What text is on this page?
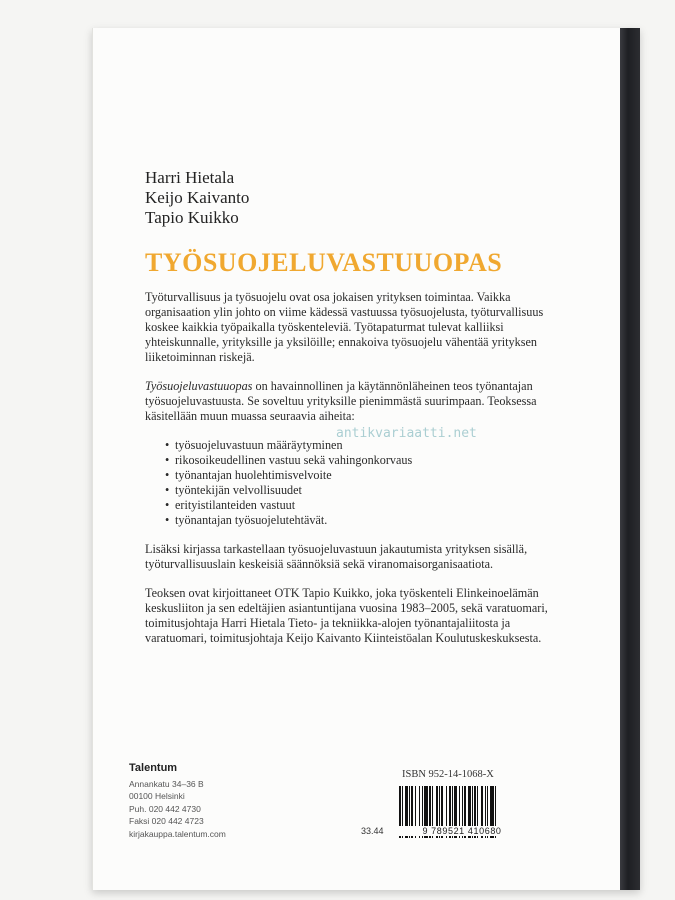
Harri Hietala
Keijo Kaivanto
Tapio Kuikko
TYÖSUOJELUVASTUUOPAS

Työturvallisuus ja työsuojelu ovat osa jokaisen yrityksen toimintaa. Vaikka organisaation ylin johto on viime kädessä vastuussa työsuojelusta, työturvallisuus koskee kaikkia työpaikalla työskenteleviä. Työtapaturmat tulevat kalliiksi yhteiskunnalle, yrityksille ja yksilöille; ennakoiva työsuojelu vähentää yrityksen liiketoiminnan riskejä.

Työsuojeluvastuuopas on havainnollinen ja käytännönläheinen teos työnantajan työsuojeluvastuusta. Se soveltuu yrityksille pienimmästä suurimpaan. Teoksessa käsitellään muun muassa seuraavia aiheita:

• työsuojeluvastuun määräytyminen
• rikosoikeudellinen vastuu sekä vahingonkorvaus
• työnantajan huolehtimisvelvoite
• työntekijän velvollisuudet
• erityistilanteiden vastuut
• työnantajan työsuojelutehtävät.

Lisäksi kirjassa tarkastellaan työsuojeluvastuun jakautumista yrityksen sisällä, työturvallisuuslain keskeisiä säännöksiä sekä viranomaisorganisaatiota.

Teoksen ovat kirjoittaneet OTK Tapio Kuikko, joka työskenteli Elinkeinoelämän keskusliiton ja sen edeltäjien asiantuntijana vuosina 1983–2005, sekä varatuomari, toimitusjohtaja Harri Hietala Tieto- ja tekniikka-alojen työnantajaliitosta ja varatuomari, toimitusjohtaja Keijo Kaivanto Kiinteistöalan Koulutuskeskuksesta.

antikvariaatti.net
Talentum
Annankatu 34–36 B
00100 Helsinki
Puh. 020 442 4730
Faksi 020 442 4723
kirjakauppa.talentum.com
ISBN 952-14-1068-X
33.44	9 789521 410680
